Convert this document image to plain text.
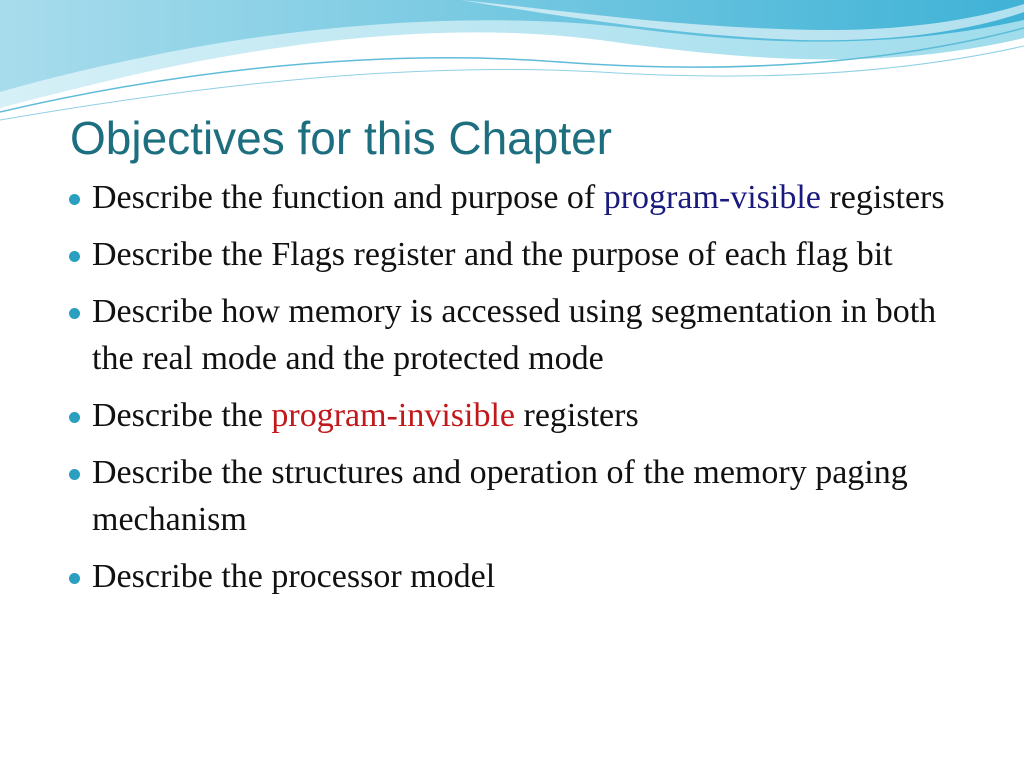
Objectives for this Chapter
Describe the function and purpose of program-visible registers
Describe the Flags register and the purpose of each flag bit
Describe how memory is accessed using segmentation in both the real mode and the protected mode
Describe the program-invisible registers
Describe the structures and operation of the memory paging mechanism
Describe the processor model
